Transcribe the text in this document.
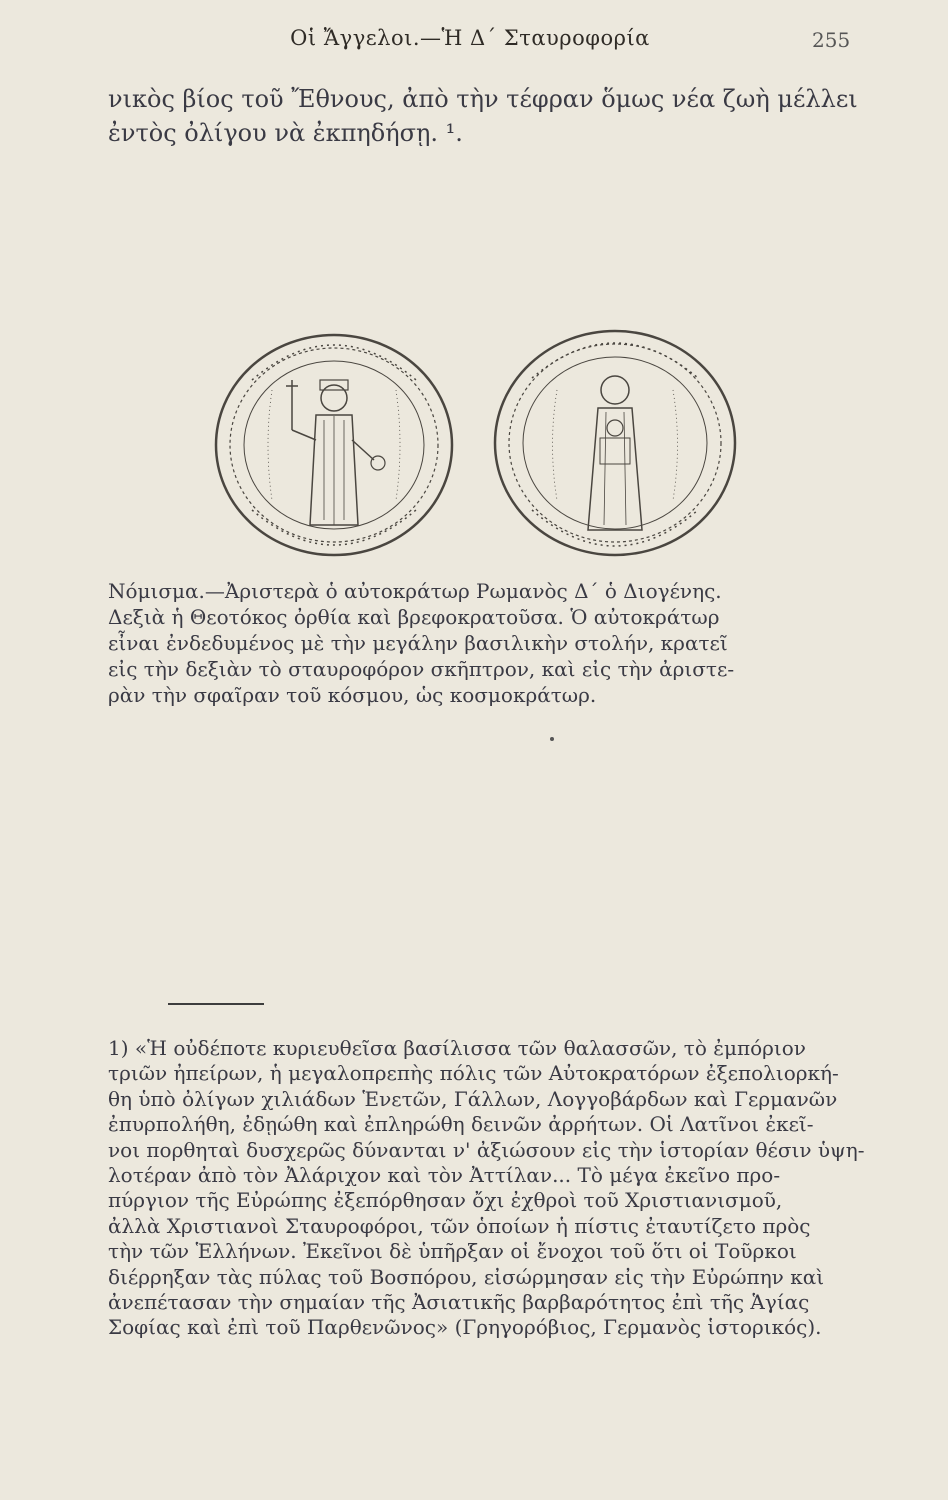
Οἱ Ἄγγελοι.—Ἡ Δ΄ Σταυροφορία	255
νικὸς βίος τοῦ Ἔθνους, ἀπὸ τὴν τέφραν ὅμως νέα ζωὴ μέλλει
ἐντὸς ὀλίγου νὰ ἐκπηδήσῃ. ¹.
Νόμισμα.—Ἀριστερὰ ὁ αὐτοκράτωρ Ρωμανὸς Δ΄ ὁ Διογένης.
Δεξιὰ ἡ Θεοτόκος ὀρθία καὶ βρεφοκρατοῦσα. Ὁ αὐτοκράτωρ
εἶναι ἐνδεδυμένος μὲ τὴν μεγάλην βασιλικὴν στολήν, κρατεῖ
εἰς τὴν δεξιὰν τὸ σταυροφόρον σκῆπτρον, καὶ εἰς τὴν ἀριστε-
ρὰν τὴν σφαῖραν τοῦ κόσμου, ὡς κοσμοκράτωρ.
1) «Ἡ οὐδέποτε κυριευθεῖσα βασίλισσα τῶν θαλασσῶν, τὸ ἐμπόριον
τριῶν ἠπείρων, ἡ μεγαλοπρεπὴς πόλις τῶν Αὐτοκρατόρων ἐξεπολιορκή-
θη ὑπὸ ὀλίγων χιλιάδων Ἑνετῶν, Γάλλων, Λογγοβάρδων καὶ Γερμανῶν
ἐπυρπολήθη, ἐδῃώθη καὶ ἐπληρώθη δεινῶν ἀρρήτων. Οἱ Λατῖνοι ἐκεῖ-
νοι πορθηταὶ δυσχερῶς δύνανται ν' ἀξιώσουν εἰς τὴν ἱστορίαν θέσιν ὑψη-
λοτέραν ἀπὸ τὸν Ἀλάριχον καὶ τὸν Ἀττίλαν... Τὸ μέγα ἐκεῖνο προ-
πύργιον τῆς Εὐρώπης ἐξεπόρθησαν ὄχι ἐχθροὶ τοῦ Χριστιανισμοῦ,
ἀλλὰ Χριστιανοὶ Σταυροφόροι, τῶν ὁποίων ἡ πίστις ἐταυτίζετο πρὸς
τὴν τῶν Ἑλλήνων. Ἐκεῖνοι δὲ ὑπῆρξαν οἱ ἔνοχοι τοῦ ὅτι οἱ Τοῦρκοι
διέρρηξαν τὰς πύλας τοῦ Βοσπόρου, εἰσώρμησαν εἰς τὴν Εὐρώπην καὶ
ἀνεπέτασαν τὴν σημαίαν τῆς Ἀσιατικῆς βαρβαρότητος ἐπὶ τῆς Ἁγίας
Σοφίας καὶ ἐπὶ τοῦ Παρθενῶνος» (Γρηγορόβιος, Γερμανὸς ἱστορικός).
